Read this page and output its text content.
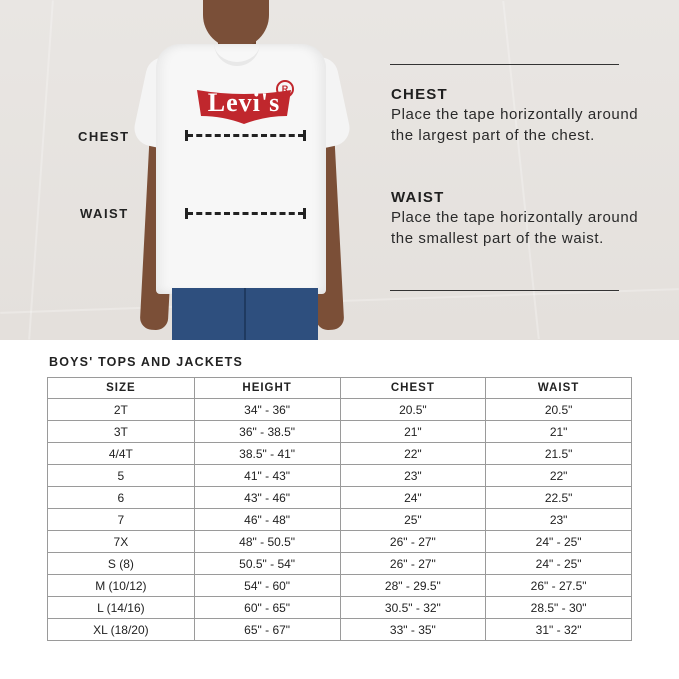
Levi's R
CHEST
WAIST
CHEST
Place the tape horizontally around the largest part of the chest.
WAIST
Place the tape horizontally around the smallest part of the waist.
BOYS' TOPS AND JACKETS
SIZE	HEIGHT	CHEST	WAIST
2T	34" - 36"	20.5"	20.5"
3T	36" - 38.5"	21"	21"
4/4T	38.5" - 41"	22"	21.5"
5	41" - 43"	23"	22"
6	43" - 46"	24"	22.5"
7	46" - 48"	25"	23"
7X	48" - 50.5"	26" - 27"	24" - 25"
S (8)	50.5" - 54"	26" - 27"	24" - 25"
M (10/12)	54" - 60"	28" - 29.5"	26" - 27.5"
L (14/16)	60" - 65"	30.5" - 32"	28.5" - 30"
XL (18/20)	65" - 67"	33" - 35"	31" - 32"
